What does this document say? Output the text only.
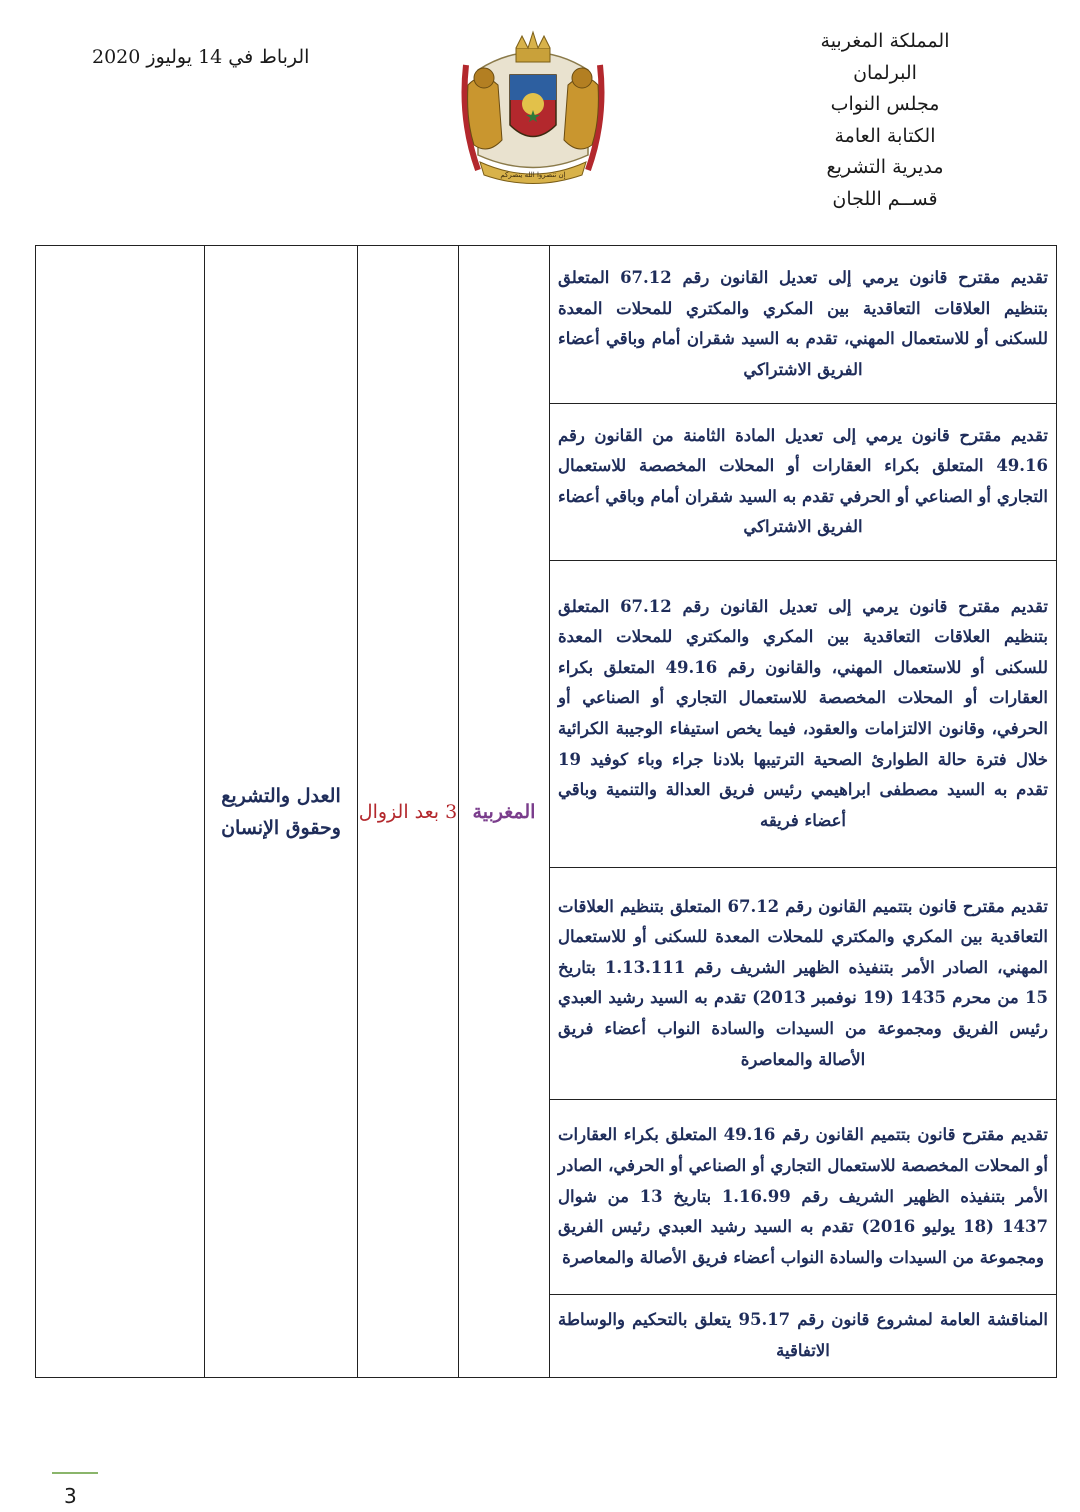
المملكة المغربية
البرلمان
مجلس النواب
الكتابة العامة
مديرية التشريع
قســم اللجان
الرباط في 14 يوليوز 2020
إن تنصروا الله ينصركم
تقديم مقترح قانون يرمي إلى تعديل القانون رقم 67.12 المتعلق بتنظيم العلاقات التعاقدية بين المكري والمكتري للمحلات المعدة للسكنى أو للاستعمال المهني، تقدم به السيد شقران أمام وباقي أعضاء الفريق الاشتراكي	المغربية	3 بعد الزوال	العدل والتشريع وحقوق الإنسان	
تقديم مقترح قانون يرمي إلى تعديل المادة الثامنة من القانون رقم 49.16 المتعلق بكراء العقارات أو المحلات المخصصة للاستعمال التجاري أو الصناعي أو الحرفي تقدم به السيد شقران أمام وباقي أعضاء الفريق الاشتراكي
تقديم مقترح قانون يرمي إلى تعديل القانون رقم 67.12 المتعلق بتنظيم العلاقات التعاقدية بين المكري والمكتري للمحلات المعدة للسكنى أو للاستعمال المهني، والقانون رقم 49.16 المتعلق بكراء العقارات أو المحلات المخصصة للاستعمال التجاري أو الصناعي أو الحرفي، وقانون الالتزامات والعقود، فيما يخص استيفاء الوجيبة الكرائية خلال فترة حالة الطوارئ الصحية الترتيبها بلادنا جراء وباء كوفيد 19 تقدم به السيد مصطفى ابراهيمي رئيس فريق العدالة والتنمية وباقي أعضاء فريقه
تقديم مقترح قانون بتتميم القانون رقم 67.12 المتعلق بتنظيم العلاقات التعاقدية بين المكري والمكتري للمحلات المعدة للسكنى أو للاستعمال المهني، الصادر الأمر بتنفيذه الظهير الشريف رقم 1.13.111 بتاريخ 15 من محرم 1435 (19 نوفمبر 2013) تقدم به السيد رشيد العبدي رئيس الفريق ومجموعة من السيدات والسادة النواب أعضاء فريق الأصالة والمعاصرة
تقديم مقترح قانون بتتميم القانون رقم 49.16 المتعلق بكراء العقارات أو المحلات المخصصة للاستعمال التجاري أو الصناعي أو الحرفي، الصادر الأمر بتنفيذه الظهير الشريف رقم 1.16.99 بتاريخ 13 من شوال 1437 (18 يوليو 2016) تقدم به السيد رشيد العبدي رئيس الفريق ومجموعة من السيدات والسادة النواب أعضاء فريق الأصالة والمعاصرة
المناقشة العامة لمشروع قانون رقم 95.17 يتعلق بالتحكيم والوساطة الاتفاقية
3
